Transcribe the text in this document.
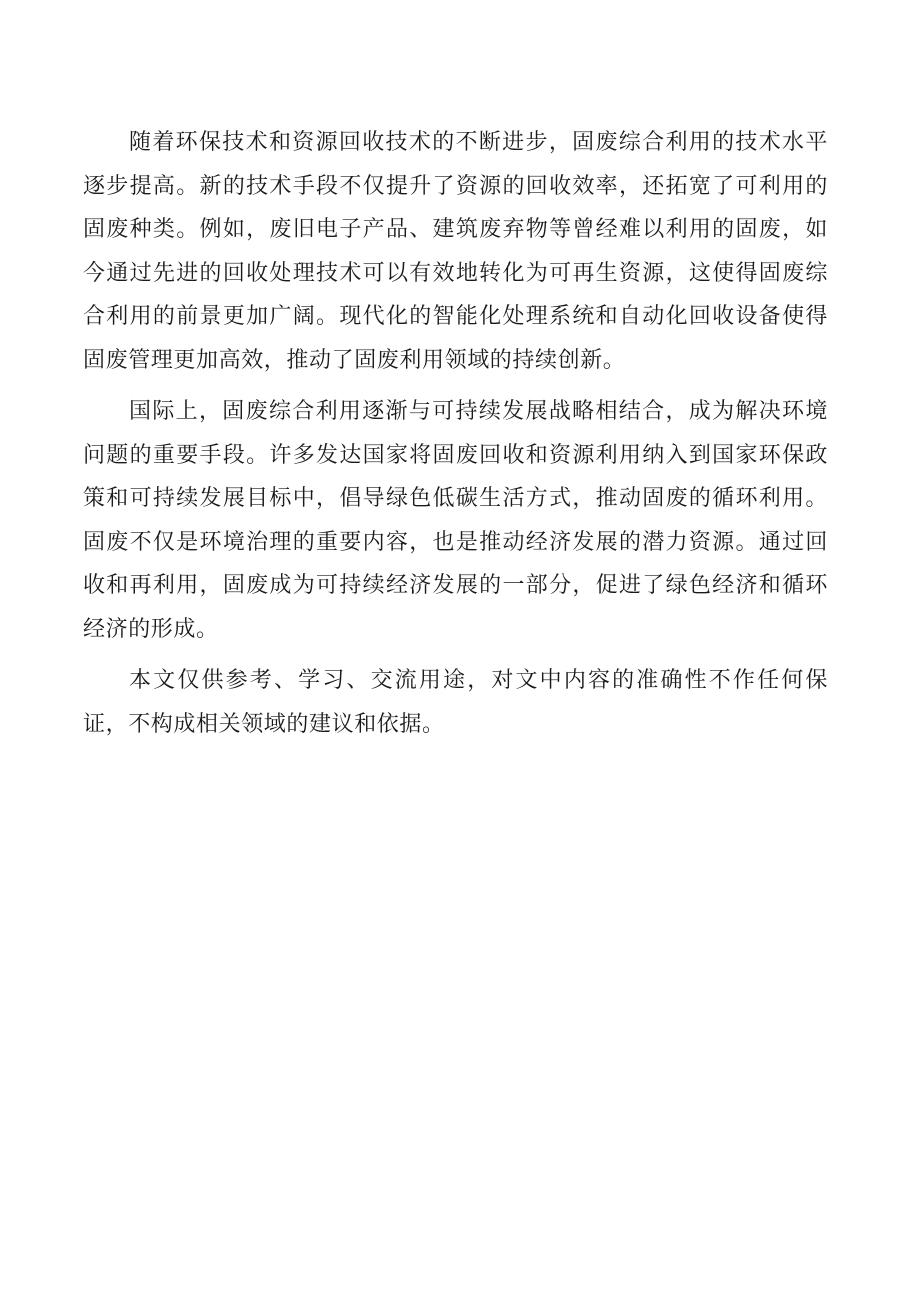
随着环保技术和资源回收技术的不断进步，固废综合利用的技术水平逐步提高。新的技术手段不仅提升了资源的回收效率，还拓宽了可利用的固废种类。例如，废旧电子产品、建筑废弃物等曾经难以利用的固废，如今通过先进的回收处理技术可以有效地转化为可再生资源，这使得固废综合利用的前景更加广阔。现代化的智能化处理系统和自动化回收设备使得固废管理更加高效，推动了固废利用领域的持续创新。

国际上，固废综合利用逐渐与可持续发展战略相结合，成为解决环境问题的重要手段。许多发达国家将固废回收和资源利用纳入到国家环保政策和可持续发展目标中，倡导绿色低碳生活方式，推动固废的循环利用。固废不仅是环境治理的重要内容，也是推动经济发展的潜力资源。通过回收和再利用，固废成为可持续经济发展的一部分，促进了绿色经济和循环经济的形成。

本文仅供参考、学习、交流用途，对文中内容的准确性不作任何保证，不构成相关领域的建议和依据。
